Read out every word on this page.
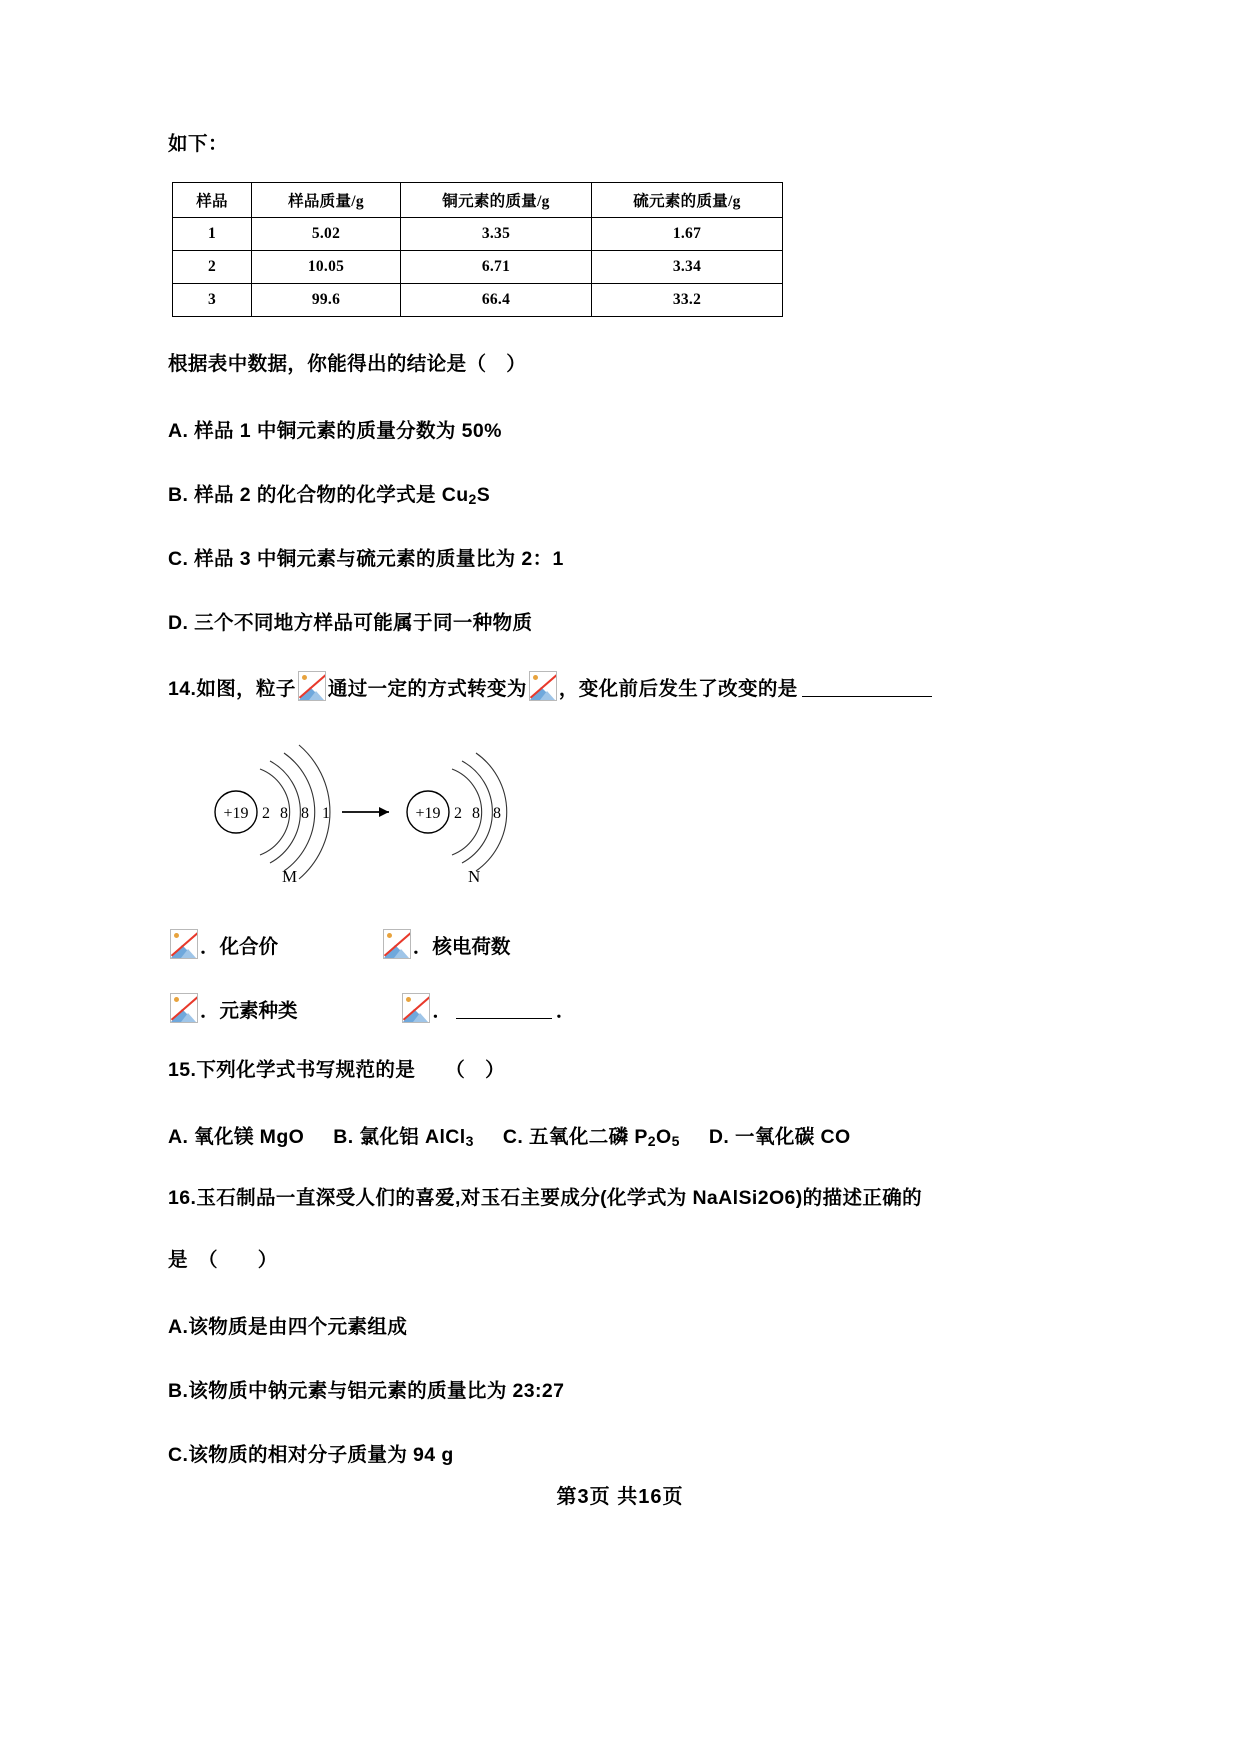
如下：
样品	样品质量/g	铜元素的质量/g	硫元素的质量/g
1	5.02	3.35	1.67
2	10.05	6.71	3.34
3	99.6	66.4	33.2
根据表中数据，你能得出的结论是（　）
A. 样品 1 中铜元素的质量分数为 50%
B. 样品 2 的化合物的化学式是 $Cu_2S$
C. 样品 3 中铜元素与硫元素的质量比为 2：1
D. 三个不同地方样品可能属于同一种物质
14.如图，粒子 通过一定的方式转变为 ，变化前后发生了改变的是
+19 2 8 8 1
M
+19 2 8 8
N
．化合价	．核电荷数
．元素种类	．	．
15.下列化学式书写规范的是　　（　）
A. 氧化镁 MgO B. 氯化铝 AlCl$_3$ C. 五氧化二磷 $P_2O_5$ D. 一氧化碳 CO
16.玉石制品一直深受人们的喜爱,对玉石主要成分(化学式为 NaAlSi2O6)的描述正确的
是　（　　）
A.该物质是由四个元素组成
B.该物质中钠元素与铝元素的质量比为 23:27
C.该物质的相对分子质量为 94 g
第3页 共16页
